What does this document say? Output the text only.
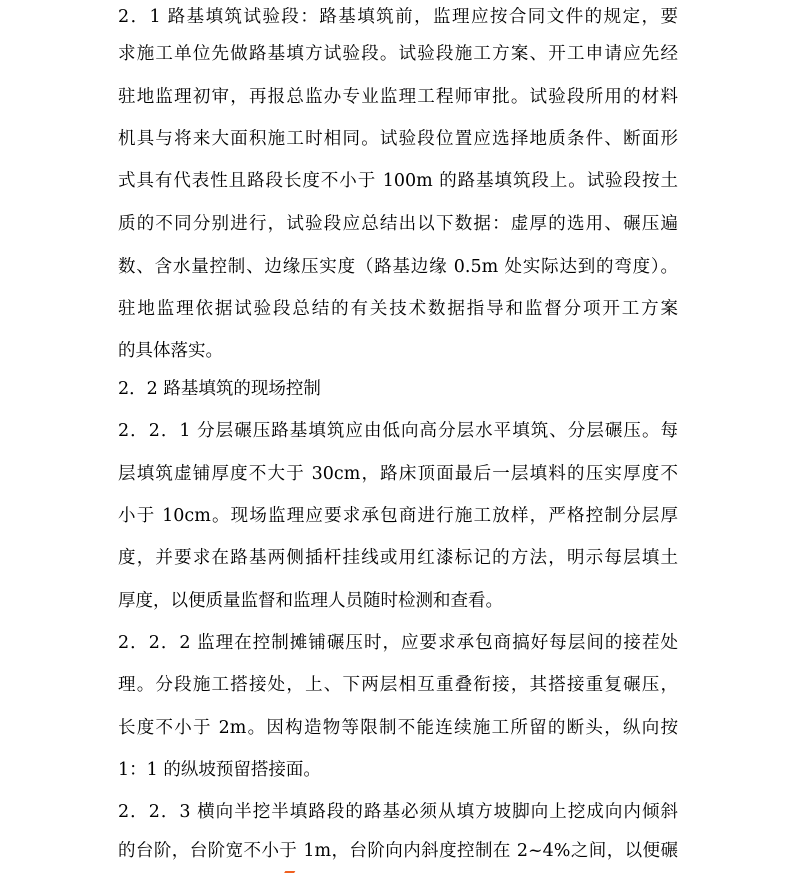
2．1 路基填筑试验段：路基填筑前，监理应按合同文件的规定，要
求施工单位先做路基填方试验段。试验段施工方案、开工申请应先经
驻地监理初审，再报总监办专业监理工程师审批。试验段所用的材料
机具与将来大面积施工时相同。试验段位置应选择地质条件、断面形
式具有代表性且路段长度不小于 100m 的路基填筑段上。试验段按土
质的不同分别进行，试验段应总结出以下数据：虚厚的选用、碾压遍
数、含水量控制、边缘压实度（路基边缘 0.5m 处实际达到的弯度）。
驻地监理依据试验段总结的有关技术数据指导和监督分项开工方案
的具体落实。
2．2 路基填筑的现场控制
2．2．1 分层碾压路基填筑应由低向高分层水平填筑、分层碾压。每
层填筑虚铺厚度不大于 30cm，路床顶面最后一层填料的压实厚度不
小于 10cm。现场监理应要求承包商进行施工放样，严格控制分层厚
度，并要求在路基两侧插杆挂线或用红漆标记的方法，明示每层填土
厚度，以便质量监督和监理人员随时检测和查看。
2．2．2 监理在控制摊铺碾压时，应要求承包商搞好每层间的接茬处
理。分段施工搭接处，上、下两层相互重叠衔接，其搭接重复碾压，
长度不小于 2m。因构造物等限制不能连续施工所留的断头，纵向按
1：1 的纵坡预留搭接面。
2．2．3 横向半挖半填路段的路基必须从填方坡脚向上挖成向内倾斜
的台阶，台阶宽不小于 1m，台阶向内斜度控制在 2~4%之间，以便碾
